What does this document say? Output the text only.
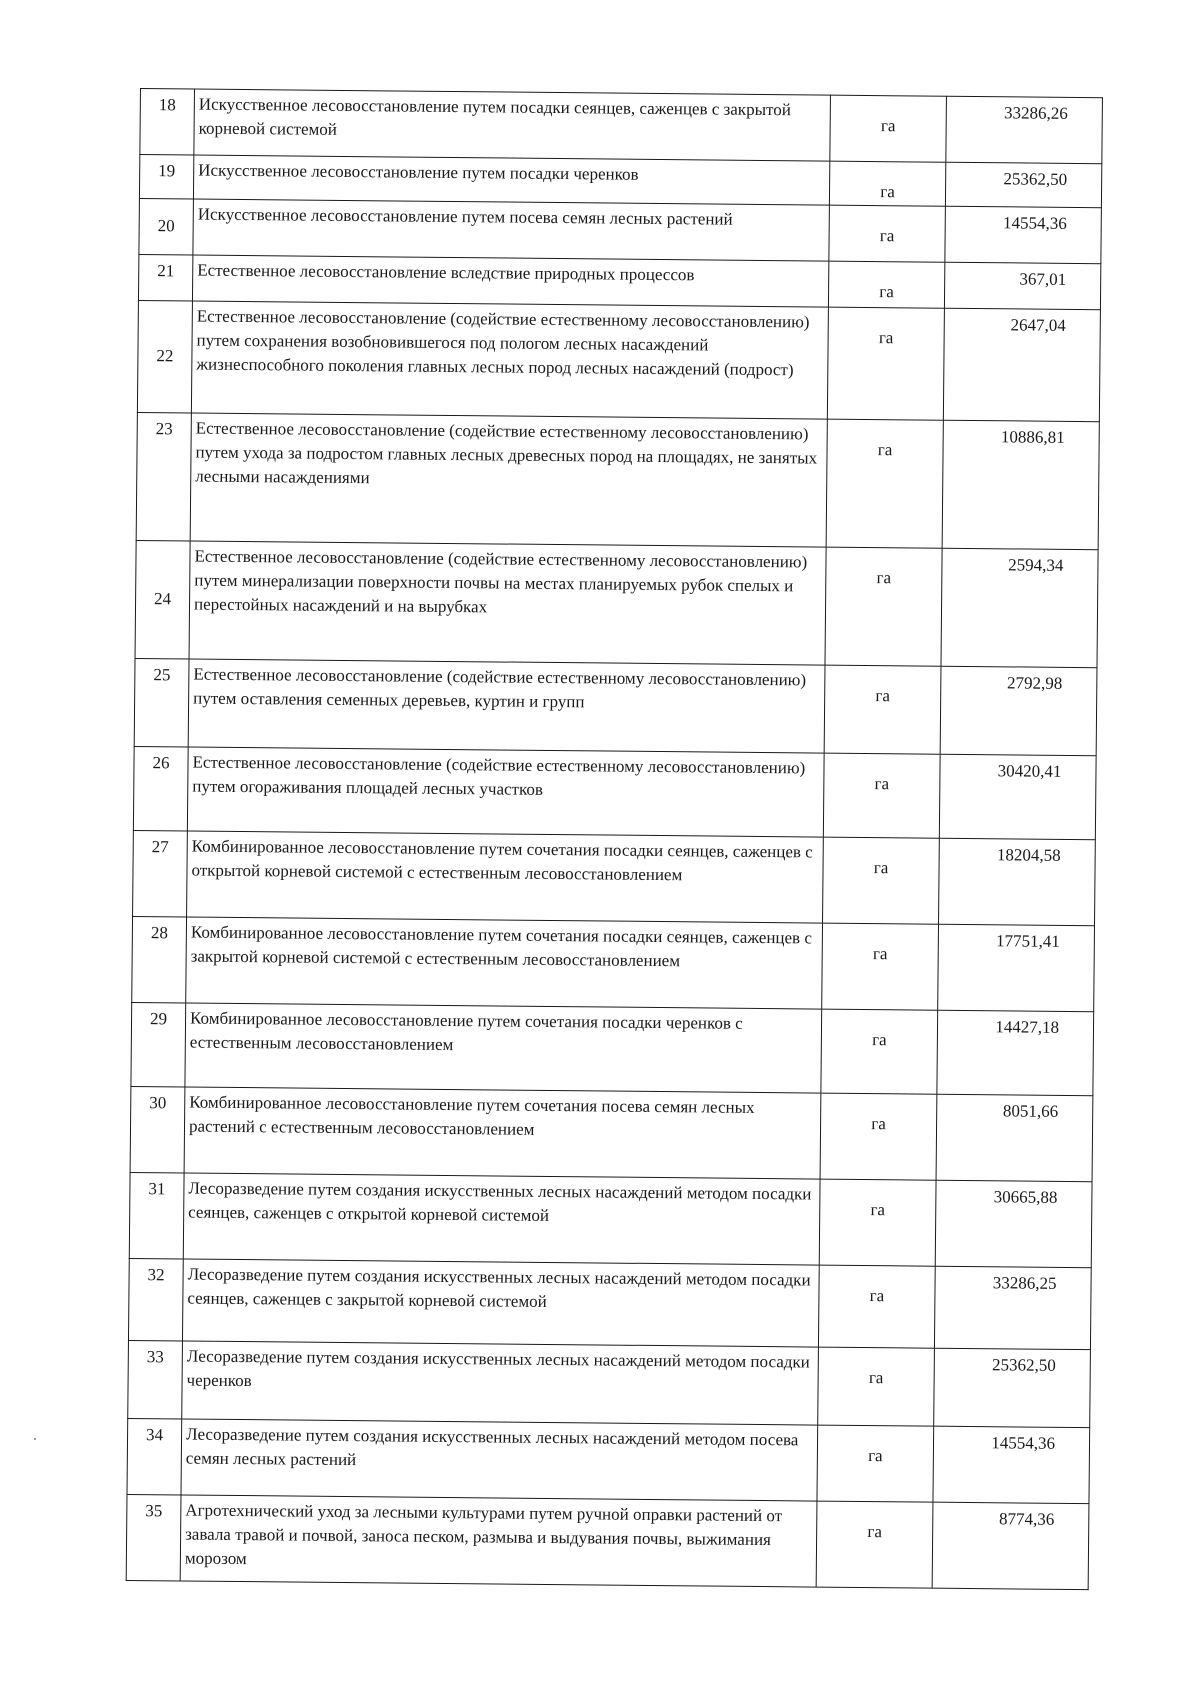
18	Искусственное лесовосстановление путем посадки сеянцев, саженцев с закрытой корневой системой	га	33286,26
19	Искусственное лесовосстановление путем посадки черенков	га	25362,50
20	Искусственное лесовосстановление путем посева семян лесных растений	га	14554,36
21	Естественное лесовосстановление вследствие природных процессов	га	367,01
22	Естественное лесовосстановление (содействие естественному лесовосстановлению) путем сохранения возобновившегося под пологом лесных насаждений жизнеспособного поколения главных лесных пород лесных насаждений (подрост)	га	2647,04
23	Естественное лесовосстановление (содействие естественному лесовосстановлению) путем ухода за подростом главных лесных древесных пород на площадях, не занятых лесными насаждениями	га	10886,81
24	Естественное лесовосстановление (содействие естественному лесовосстановлению) путем минерализации поверхности почвы на местах планируемых рубок спелых и перестойных насаждений и на вырубках	га	2594,34
25	Естественное лесовосстановление (содействие естественному лесовосстановлению) путем оставления семенных деревьев, куртин и групп	га	2792,98
26	Естественное лесовосстановление (содействие естественному лесовосстановлению) путем огораживания площадей лесных участков	га	30420,41
27	Комбинированное лесовосстановление путем сочетания посадки сеянцев, саженцев с открытой корневой системой с естественным лесовосстановлением	га	18204,58
28	Комбинированное лесовосстановление путем сочетания посадки сеянцев, саженцев с закрытой корневой системой с естественным лесовосстановлением	га	17751,41
29	Комбинированное лесовосстановление путем сочетания посадки черенков с естественным лесовосстановлением	га	14427,18
30	Комбинированное лесовосстановление путем сочетания посева семян лесных растений с естественным лесовосстановлением	га	8051,66
31	Лесоразведение путем создания искусственных лесных насаждений методом посадки сеянцев, саженцев с открытой корневой системой	га	30665,88
32	Лесоразведение путем создания искусственных лесных насаждений методом посадки сеянцев, саженцев с закрытой корневой системой	га	33286,25
33	Лесоразведение путем создания искусственных лесных насаждений методом посадки черенков	га	25362,50
34	Лесоразведение путем создания искусственных лесных насаждений методом посева семян лесных растений	га	14554,36
35	Агротехнический уход за лесными культурами путем ручной оправки растений от завала травой и почвой, заноса песком, размыва и выдувания почвы, выжимания морозом	га	8774,36
